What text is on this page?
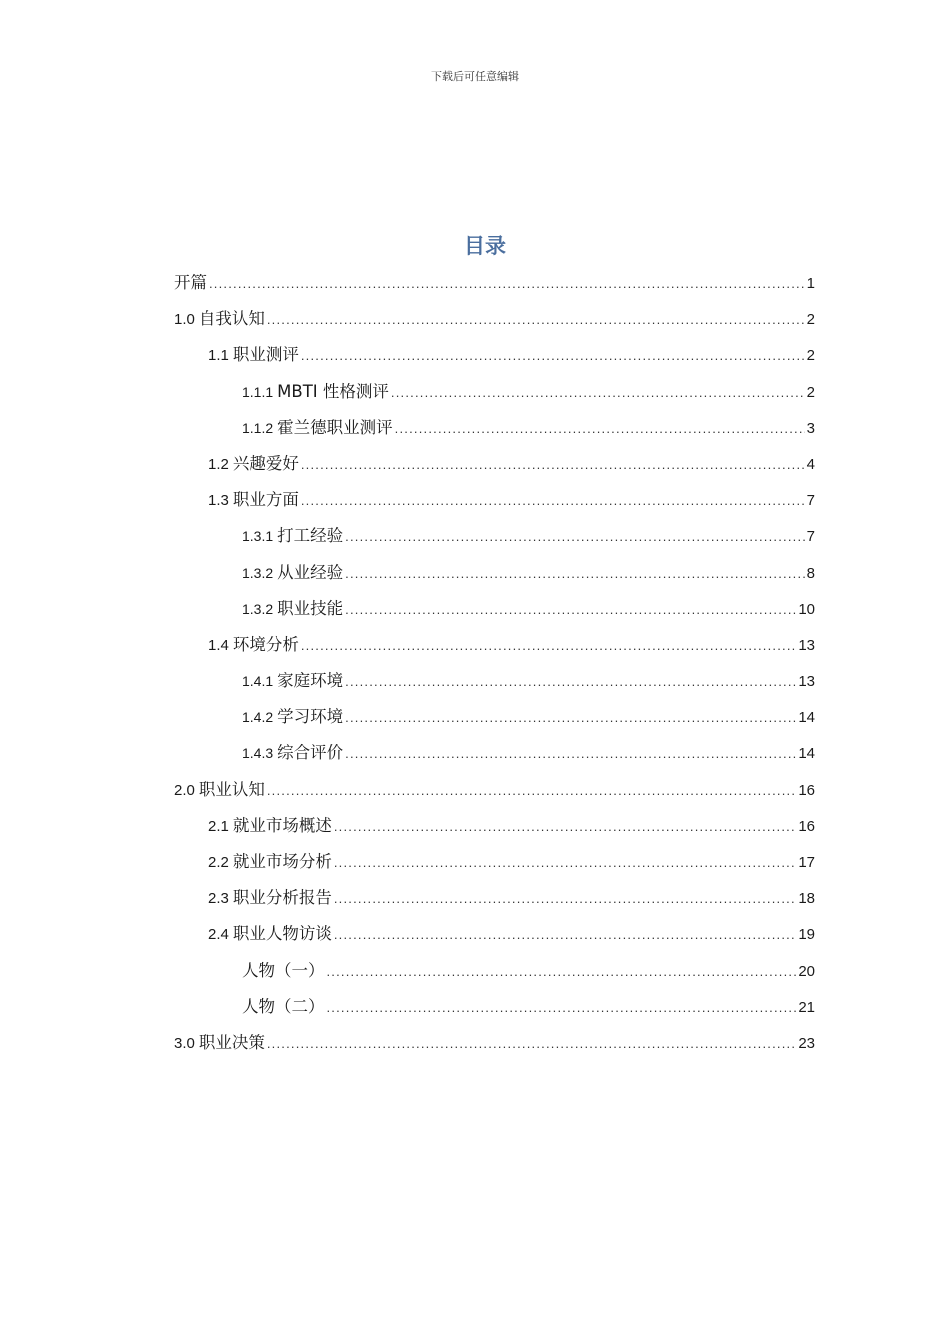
下载后可任意编辑
目录
开篇 .....	1
1.0 自我认知 .....	2
1.1 职业测评 .....	2
1.1.1 MBTI 性格测评 .....	2
1.1.2 霍兰德职业测评 .....	3
1.2 兴趣爱好 .....	4
1.3 职业方面 .....	7
1.3.1 打工经验 .....	7
1.3.2 从业经验 .....	8
1.3.2 职业技能 .....	10
1.4 环境分析 .....	13
1.4.1 家庭环境 .....	13
1.4.2 学习环境 .....	14
1.4.3 综合评价 .....	14
2.0 职业认知 .....	16
2.1 就业市场概述 .....	16
2.2 就业市场分析 .....	17
2.3 职业分析报告 .....	18
2.4 职业人物访谈 .....	19
人物（一） .....	20
人物（二） .....	21
3.0 职业决策 .....	23
